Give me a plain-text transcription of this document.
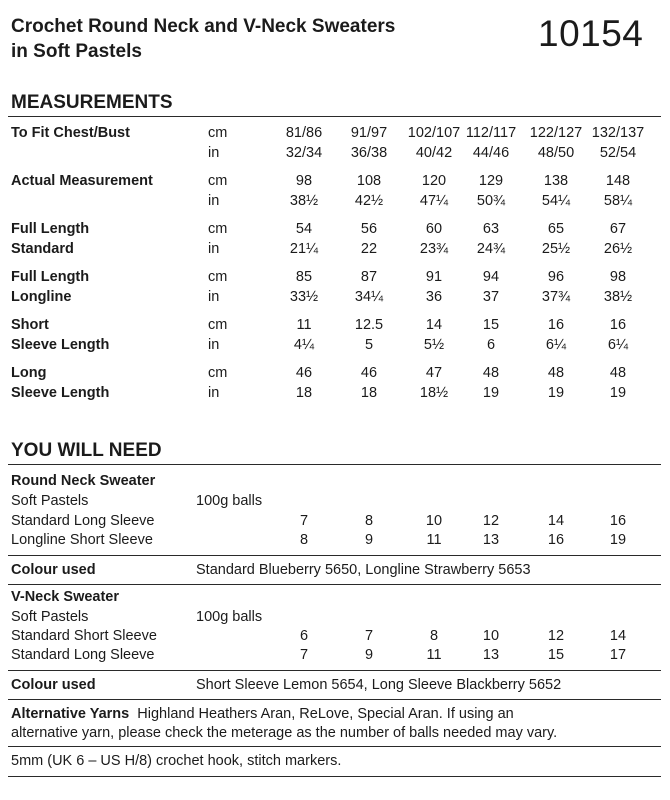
Crochet Round Neck and V-Neck Sweaters
in Soft Pastels	10154
MEASUREMENTS
To Fit Chest/Bust	cm	81/86 91/97 102/107 112/117 122/127 132/137
in	32/34 36/38 40/42 44/46 48/50 52/54
Actual Measurement	cm	98	108	120 129	138	148
in	38½	42½	47¼ 50¾	54¼ 58¼
Full Length	cm	54	56	60	63	65	67
Standard	in	21¼	22	23¾ 24¾	25½ 26½
Full Length	cm	85	87	91	94	96	98
Longline	in	33½	34¼	36	37	37¾ 38½
Short	cm	11	12.5	14	15	16	16
Sleeve Length	in	4¼	5	5½	6	6¼	6¼
Long	cm	46	46	47	48	48	48
Sleeve Length	in	18	18	18½ 19	19	19
YOU WILL NEED
Round Neck Sweater
Soft Pastels	100g balls
Standard Long Sleeve	7	8	10	12	14	16
Longline Short Sleeve	8	9	11	13	16	19
Colour used	Standard Blueberry 5650, Longline Strawberry 5653
V-Neck Sweater
Soft Pastels	100g balls
Standard Short Sleeve	6	7	8	10	12	14
Standard Long Sleeve	7	9	11	13	15	17
Colour used	Short Sleeve Lemon 5654, Long Sleeve Blackberry 5652
Alternative Yarns Highland Heathers Aran, ReLove, Special Aran. If using an
alternative yarn, please check the meterage as the number of balls needed may vary.
5mm (UK 6 – US H/8) crochet hook, stitch markers.
